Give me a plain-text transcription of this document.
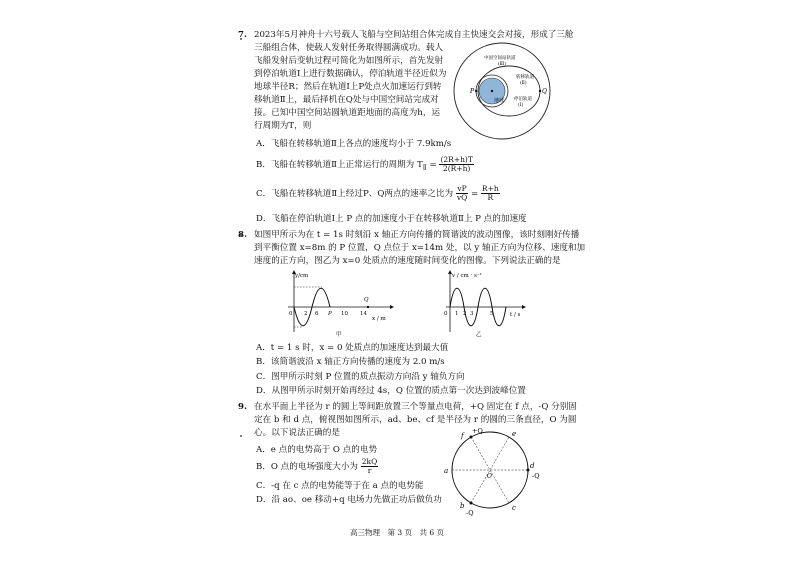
7. 2023年5月神舟十六号载人飞船与空间站组合体完成自主快速交会对接，形成了三舱
三船组合体，使载人发射任务取得圆满成功。载人
飞船发射后变轨过程可简化为如图所示，首先发射
到停泊轨道Ⅰ上进行数据确认，停泊轨道半径近似为
地球半径R；然后在轨道Ⅰ上P处点火加速运行到转
移轨道Ⅱ上，最后择机在Q处与中国空间站完成对
接。已知中国空间站圆轨道距地面的高度为h，运
行周期为T，则
A．飞船在转移轨道Ⅱ上各点的速度均小于 7.9km/s
B．飞船在转移轨道Ⅱ上正常运行的周期为 $T_Ⅱ = \frac{(2R+h)T}{2(R+h)}$
C．飞船在转移轨道Ⅱ上经过P、Q两点的速率之比为 $\frac{vP}{vQ} = \frac{R+h}{R}$
D．飞船在停泊轨道Ⅰ上 P 点的加速度小于在转移轨道Ⅱ上 P 点的加速度
地球
P	Q
中国空间站轨道
(Ⅲ)
转移轨道
(Ⅱ)
停泊轨道
(Ⅰ)
8. 如图甲所示为在 t = 1s 时刻沿 x 轴正方向传播的简谐波的波动图像，该时刻刚好传播
到平衡位置 x=8m 的 P 位置，Q 点位于 x=14m 处，以 y 轴正方向为位移、速度和加
速度的正方向，图乙为 x=0 处质点的速度随时间变化的图像。下列说法正确的是
y/cm
x / m
0 2 6 P 10 14
Q
甲
v / cm · s⁻¹
t / s
0 1 2 3	5
乙
A．t = 1 s 时，x = 0 处质点的加速度达到最大值
B．该简谐波沿 x 轴正方向传播的速度为 2.0 m/s
C．图甲所示时刻 P 位置的质点振动方向沿 y 轴负方向
D．从图甲所示时刻开始再经过 4s，Q 位置的质点第一次达到波峰位置
9. 在水平面上半径为 r 的圆上等间距放置三个等量点电荷，+Q 固定在 f 点，-Q 分别固
定在 b 和 d 点，俯视图如图所示，ad、be、cf 是半径为 r 的圆的三条直径，O 为圆
心。以下说法正确的是
A．e 点的电势高于 O 点的电势
B．O 点的电场强度大小为 $\frac{2kQ}{r}$
C．-q 在 c 点的电势能等于在 a 点的电势能
D．沿 ao、oe 移动+q 电场力先做正功后做负功
a
b	c
d
e
f
O
+Q
-Q
-Q
高三物理　第 3 页　共 6 页
